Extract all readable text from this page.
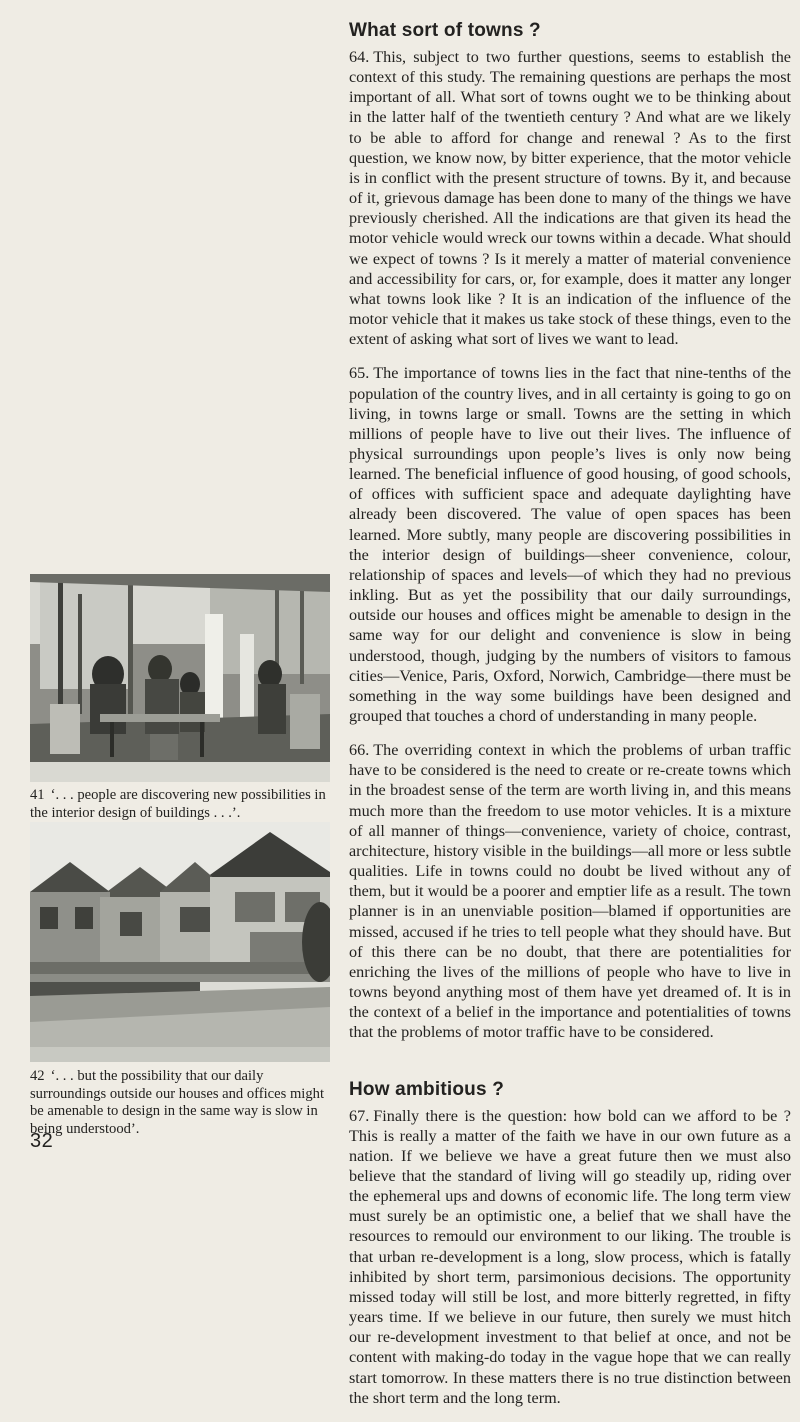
41 ‘. . . people are discovering new possibilities in the interior design of buildings . . .’.
42 ‘. . . but the possibility that our daily surroundings outside our houses and offices might be amenable to design in the same way is slow in being understood’.
32
What sort of towns ?

64. This, subject to two further questions, seems to establish the context of this study. The remaining questions are perhaps the most important of all. What sort of towns ought we to be thinking about in the latter half of the twentieth century ? And what are we likely to be able to afford for change and renewal ? As to the first question, we know now, by bitter experience, that the motor vehicle is in conflict with the present structure of towns. By it, and because of it, grievous damage has been done to many of the things we have previously cherished. All the indications are that given its head the motor vehicle would wreck our towns within a decade. What should we expect of towns ? Is it merely a matter of material convenience and accessibility for cars, or, for example, does it matter any longer what towns look like ? It is an indication of the influence of the motor vehicle that it makes us take stock of these things, even to the extent of asking what sort of lives we want to lead.

65. The importance of towns lies in the fact that nine-tenths of the population of the country lives, and in all certainty is going to go on living, in towns large or small. Towns are the setting in which millions of people have to live out their lives. The influence of physical surroundings upon people’s lives is only now being learned. The beneficial influence of good housing, of good schools, of offices with sufficient space and adequate daylighting have already been discovered. The value of open spaces has been learned. More subtly, many people are discovering possibilities in the interior design of buildings—sheer convenience, colour, relationship of spaces and levels—of which they had no previous inkling. But as yet the possibility that our daily surroundings, outside our houses and offices might be amenable to design in the same way for our delight and convenience is slow in being understood, though, judging by the numbers of visitors to famous cities—Venice, Paris, Oxford, Norwich, Cambridge—there must be something in the way some buildings have been designed and grouped that touches a chord of understanding in many people.

66. The overriding context in which the problems of urban traffic have to be considered is the need to create or re-create towns which in the broadest sense of the term are worth living in, and this means much more than the freedom to use motor vehicles. It is a mixture of all manner of things—convenience, variety of choice, contrast, architecture, history visible in the buildings—all more or less subtle qualities. Life in towns could no doubt be lived without any of them, but it would be a poorer and emptier life as a result. The town planner is in an unenviable position—blamed if opportunities are missed, accused if he tries to tell people what they should have. But of this there can be no doubt, that there are potentialities for enriching the lives of the millions of people who have to live in towns beyond anything most of them have yet dreamed of. It is in the context of a belief in the importance and potentialities of towns that the problems of motor traffic have to be considered.

How ambitious ?

67. Finally there is the question: how bold can we afford to be ? This is really a matter of the faith we have in our own future as a nation. If we believe we have a great future then we must also believe that the standard of living will go steadily up, riding over the ephemeral ups and downs of economic life. The long term view must surely be an optimistic one, a belief that we shall have the resources to remould our environment to our liking. The trouble is that urban re-development is a long, slow process, which is fatally inhibited by short term, parsimonious decisions. The opportunity missed today will still be lost, and more bitterly regretted, in fifty years time. If we believe in our future, then surely we must hitch our re-development investment to that belief at once, and not be content with making-do today in the vague hope that we can really start tomorrow. In these matters there is no true distinction between the short term and the long term.
